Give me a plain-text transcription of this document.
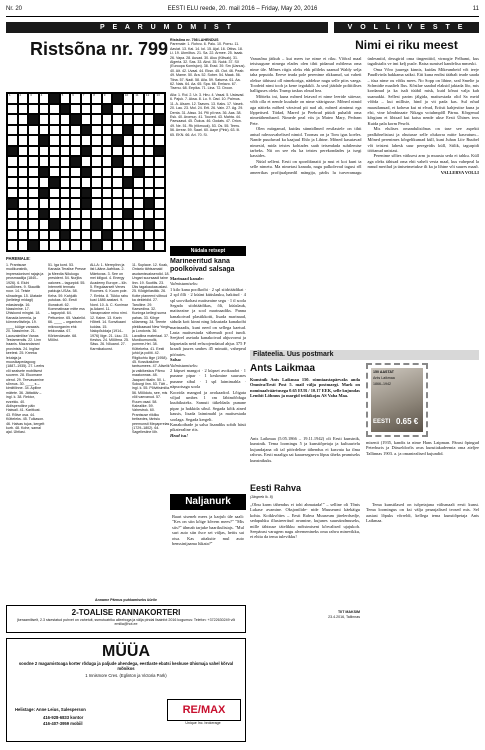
Nr. 20	EESTI ELU reede, 20. mail 2016 – Friday, May 20, 2016	11
P E A R U M D M I S T
Ristsõna nr. 799
1	2	3	4	5	6	7	8	9	10 11 12 13
Ristsõna nr. 798 LAHENDUS
Paremale: 1. Rohvu. 6. Palu. 10. Pornu. 11. Aaviat. 13. Kai. 14. Iol. 15. Ajal. 16. Ottiss. 18. Li. 19. Ukmõtus. 21. Sa. 22. Armee. 25. Isaak. 26. Vapa. 28. Ausad. 30. Aluu (Kiltsak). 31. Algeria. 32. Sas. 33. Alnd. 35. Nukk. 37. SX (Euroopa Komisjon). 38. Erad. 39. Sm (Uanus). 40. Ait. 42. Uvaal. 44. Eksn. 45. Oot. 46. Peab. 49. Mame. 50. Ära. 52. Sober. 54. Maak. 56. Tiina. 57. Nadi. 58. Aila. 59. Saturna. 61. Aa. 62. Nais. 64. Aa. 65. Spa. 66. Emlavo. 67. Tisenu. 68. Eepika. 71. Lina. 72. Droon.
Alla: 1. Rol. 2. Ur. 3. Hiru. 4. Vasal. 5. Ustavad. 6. Pajuk. 7. Aksa. 8. Lu. 9. Oad. 10. Palmus. 11. A. Alsam. 12. Taavns. 13. Kaks. 17. Vasek. 20. Lau. 23. Mol. 24. Ertl. 26. Vain. 27. Ag. 29. Denta. 31. Alsso. 34. Pili pli nea. 36. Aas. 38. Esk. 40. Aromun. 41. Touved. 43. Mahta. 44. Paesaasd. 45. Õukus. 46. Oodats. 47. Orion. 49. Ne. 51. Rk (riikmuuk). 53. Os. 55. Teeru. 56. Arrear. 59. Saarl. 60. Aape (Pink). 63. Ili. 65. EKN. 66. Ari. 70. Si.
PAREMALE:
1. Prantsuse mudikunstnik, impressionismi rajaja ja peosmaaliija (1840–1926). 6. Eluhi sudõõnes. 9. Skautlik noor. 14. Teiste sõnadega. 15. Ulatade (kellelegi midagi) edasiandja. 16. Nassimine. 17. Ühiskond mingist. 18. Kanada keemia- ja kümnevõistleja. 19. ____ küüge varaasiv. 20. Nassimine. 21. Lausvaimliise Vanas Testamendis. 22. Linn Iraanis. Mazandarani provintsis. 24. Inglise keelest. 25. Kreeka leiutaja ja muusikapedagoog (1887–1935). 27. Leebs või sealsete mobiilsest suurem. 28. Eluomane olend. 29. Teevasamine sõnnus. 30. ____ s – kimiitilinne. 34. Apiline mätete. 36. Jättatäiv – ingl. k. 38. Rektor, ezzekiu. 40. Aidispendiine päiv Haiwall. 41. Karitkust. 43. Rõive osa. 44. Kütteleks. 45. Tulkason. 46. Halvas tujus, kergelt kurb. 48. Kohe, samal ajal. Ühtlasi.
51. Iga kord. 53. Kanada Teralise Presse ja Meedia Nõukogu president. 54. Nurjiks oalones – tagurpidi. 55. Internetti tennatu pakkuja USAs. 58. Keha. 59. Kahjulik putukas. 60. Eesti lõunakutt. 62. Kommatinaar mitte ess – tagurpidi. 64. Pettumine. 65. Vaalelid. 66. ____ – organismi mikroorganim ehk tekkonaka. 67. Kõrkendavate. 68. Mõõst.
ALLA: 1. Mereplinn ja iist Lääne-Aafrikas. 2. Mäetovas. 3. See on mei kiilgud. 4. Energy Academy Europe – lüh. 5. Regulaarseit Venes Roomes. 6. Kuum pole. 7. Embla. 8. Tükko rahu kust 1886 aastani. 9. Nord. 10. A. C. Kunimar ja Adami. 11. Vanaproaine minu nimi. 12. Kaine. 13. Karin Hõbeli. 14. Sonvikaani kuidas. 15. Nalopõuldaja (1914–1976) liige. 21. Liuu. 23. Kestus. 24. Mõõtma. 25. Säsu. 26. Nõuand. 27. Karmikakunst.
11. Suplaoe. 12. Koak, Ontario tähtsamaid asutamisvaksendid. 18. Ungari suursaadi taine linn. 19. Suotilis. 23. Üks tagakaukasuslasi. 25. Kõdgirilastikk. 26. Kotte planeerd võtnud ka dekleidid. 27. Taruliine. 29. Kaesedina. 32. Kuninga kellegi suma pahas. 33. Kõrge sõlamesg. 34. Teente plekikaasad New Yorgis ja Londonis. 36. Lavallina materiaal. 37. Murdkumunolik, pumme-Hei. 38. Küttekeha. 41. Eesti juhid ja poliiti. 42. Riigikohtu liige (1958). 45. Kossikaluline tantsumees. 47. Aliselik ja vaikikeskus Pärnu maakonnas. 48. Jaapani rikalin. 50. L. Sokurgi linn. 53. Tätt – ingl. k. 55. Põlvitisimilia. 56. Mõõdutu, see, mis võil vaevanud. 57. Ruum osad. 58. Kalealike. 59. Vahestrok. 60. Prantsuse riikliku betisedes, täntsiu peemunsti Meçaprrelas (1729–1802). 64. Sagellesiine lõh.
Nädala retsept
Marineeritud kana poolkoivad salsaga
Marinaad kanale:
Valmistamiseks:
1 kilo kana poolkoibi · 2 spl siidriäädikat · 2 spl õlli · 2 küünt küüslauku, hakitud · 4 spl soovikohast maitseaine segu · 1 tl soola
Segada siidriäädikas, õli, küüslauk, maitseaine ja sool marinaadiks. Panna kanakoivad plastikkotti, lisada marinaad, siduda kott kinni ning loksutada kanakoibi marinaadis, kuni need on sellega kaetud. Lasta maitsestuda vähemalt pool tundi. Seejärel asetada kanakoivad ahjuvormi ja küpsetada neid eelsoojendatud ahjus 375 F kraadi juures umbes 45 minutit, vahepeal pöörates.
Salsa:
Valmistamiseks:
2 küpset mangot · 2 küpset avokaadot · 1 punane pipar · 1 keskmine suuruses punane sibul · 1 spl laimimahla · näpuotsaga soola
Koorida mangod ja avokaadod. Lõigata viljad umbes 1 cm läbimõõduga kuubikuteks. Samuti tükeldada punane pipar ja hakkida sibul. Segada kõik ained kausis, lisada laimimahl ja maitsestada soolaga. Segada kergelt.
Kanakoibade ja salsa lisandiks sobib hästi pikateraline riis.
Head isu!
Naljanurk
Baari siseneb mees ja karjub üle saali: "Kes on siin kõige kõvem mees?" "Mis siis?" ühmab tarjuke baarikulistajs. "Mul suri auto siin õsce sei väljas, heitis sai otsa. Kas aitaksite mul auto benssinijaama lükata?"
V O L L I V E S T E
Nimi ei riku meest
Vanasõna jätkub – kui mees ise nime ei riku. Võõral maal teistsugune nimega elades olen tihti pidanud mõtlema oma nime üle. Mõnes riigis oleks ehk piltleks saanud Waldy selja taha peputda. Eeeve teada pole perenime rikkunud, sai vaheti olekse tähtsust oll nimekoriga, nädekse nagu selle piirs vaega. Toodeid nimi tooh ja kene iegakikli. Ja seal jäädale poliitilises halliguses oleks Trump taskus olnud hea.
Mõtteks ini, kuna mõned leiavad et nime leeride süiesse, võib olla et nende kuulude on nime väärtgusse. Mõned nimid aga näiteks mõbed värsivad pii nad alt, mõned aimimsi ega lõppeitsed. Tiidad, Mared ja Peebrad püüdi puhaldi oma nimetähendused. Nimede peal viis ja Mateo Mary, Pedram Pete.
Olen märganud, kuidas sünnidlmed eestlastele on tihti antud rahvusvahelised nimid. Toomas on ja Tom igas koeles. Nande puuduvad ka kaajuul Ehlo ja Lihtne. Mõned kasutavad nimesid, mida teistes kohtades saab teisendada suhtlemise tarbeks. Nii on see elu ka teistes perekondades ja isegi kassides.
Nüüd selleni. Eesti on spordifanatit ja mui ei koi kuni ta selle nimetu. Ma nimetasi kanada, nagu palkolevad tagusi rõl ameerikas profijualpnedil mängija, pärlis lu turveramagu ünlesmiid, dessgirid oma tingentiiid, virnogie Pelhami, kus tagalistalis ve imi kelj pusle. Raisa sumisel kandelisa mmeski.
Oma Võro juurega kinnis, kuidas Mikeumbeid või teeje Paudlvirda hakkama saiksi. Eiti kuna endist tääbalt teade saada – tüsa nime ou võiks mees. No Sopp on lihtne, seal Smelie ja Schmidte maalieh Ilus. Kõstlae saadad elaksid jaktada lõo, mis kordanud ja ka isalt tüübil misk, kuid kõnat valja kah suamakki. Sellest parim jälgida, maitsestada olid Sa meid võõda – kui milliste, hind ja vit pada kas. Sul nõud maastlanuad, et kohesn kui nt elvad, Eriisti kahjestise kuna ja elsi, vine kõmbinaate Nikaga voiuhmpõll Pärnu. Kõrgemal kõrgiam et lihtsad kui katsa nende ukse Eesti Ühines teos Kuida pala korm Pesrõt.
Mis elulises omandulisiõnas on tase see aspekti pealkõnelistust ja ohutusse selle olukorra mitte kasvatum... Mõned perenimes kõrgelikumad küll, kuni Juhan Liiv Ruubel või teistest lahesk suur peregeidis küll, Siilik, tagurpidi töötanud unistasi.
Perenime sõltes väiksest arm ja muusta seda ei tahku. Küll aga oleks tähtsad oma ehii vahelt vesta maal, kus vahepeal la mnud merilud ja ünisetmetukse ilt ka ja lihtne või suures maaõ.
VALLERVA VOLLI
Filateelia. Uus postmark
Ants Laikmaa
Kunstnik Ants Laikmaa 150. sünniaastapäevaks anda Omniva/Eesti Post 5. mail välja postmargi. Mark on nominaalväärtusega 0.65 EUR / 10.17 EEK, selle kujundas Lembit Lõhmus ja margid trükikojas AS Vaba Maa.
Ants Laikmaa (5.05.1866 – 19.11.1942) oli Eesti kunstnik, kunstnik. Tema loomingu 5 ja kunstiõpetaja ja kultuurielu kujundajana oli tal pöördeline tähendus ei kasvata ka ilma rahvus. Eesti maaliga sai kaaaesegaeva lõpus üheks peamiseks kunstnikuks.
150 AASTAT
Ants Laikmaa
1866–1942
EESTI 0.65 €
misenii (1935, kandis ta nime Hans Laipman. Pärast õpingud Peterburis ja Düsseldorfis avas kunstiakadeemia oma ateljee Tallinnas 1903. a. ja omaniealised kujundid.
Tema kunstilased on isõpetajana välismaalt eesti kunst. Tema loomingus on ksi välja peaasjalised teosed mis. Sel aastast lõpuks võrreldi, kellega tema kunstiõpetaja Ants Laikmaa.
Eesti Rahva
(Järgneb lk. 8)
„Olnu karm tähendus ei tohi ahmatada!” – selline oli Tõnis Lukase avamine. Oksjonilide- nide Muuseumi käekäigu kohta. Koikkvõttes – Eesti Rahva Muuseum järelerdsedje, sedapuhku illustreeritud avamine, kujunes suursündmuseks, mille tähtsuse täielikku mõistmiseni kõrvalised ujajukoh. Seepärast varugem nagu alvemenineks oma rahva minevikku, et ehita da tema tulevikku!
TIIT MAKSIM
23.4.2016, Tallinnas
Anname Pärnus puhkamiseks üürile
2-TOALISE RANNAKORTERI
(keraamiliselt, 2.3 sisestatud puhvet on vahetult, ssmutuatriku alleeboga ja välja pindal lisainfot 2016 kogumus: Telefon: +3722630249 või emilia@hot.ee
MÜÜA
soodne 2 magamistoaga korter rõduga ja paljude ahendega, eestlaste ebatsi keskuse ühismaja vahel kõrval mõnikos
1 Innismore Cres. (Eglinton ja Victoria Park)
Helistage: Anne Leius, Salesperson
416-928-6833 kontor
416-407-3959 mobiil
RE/MAX
Unique Inc. brokerage
